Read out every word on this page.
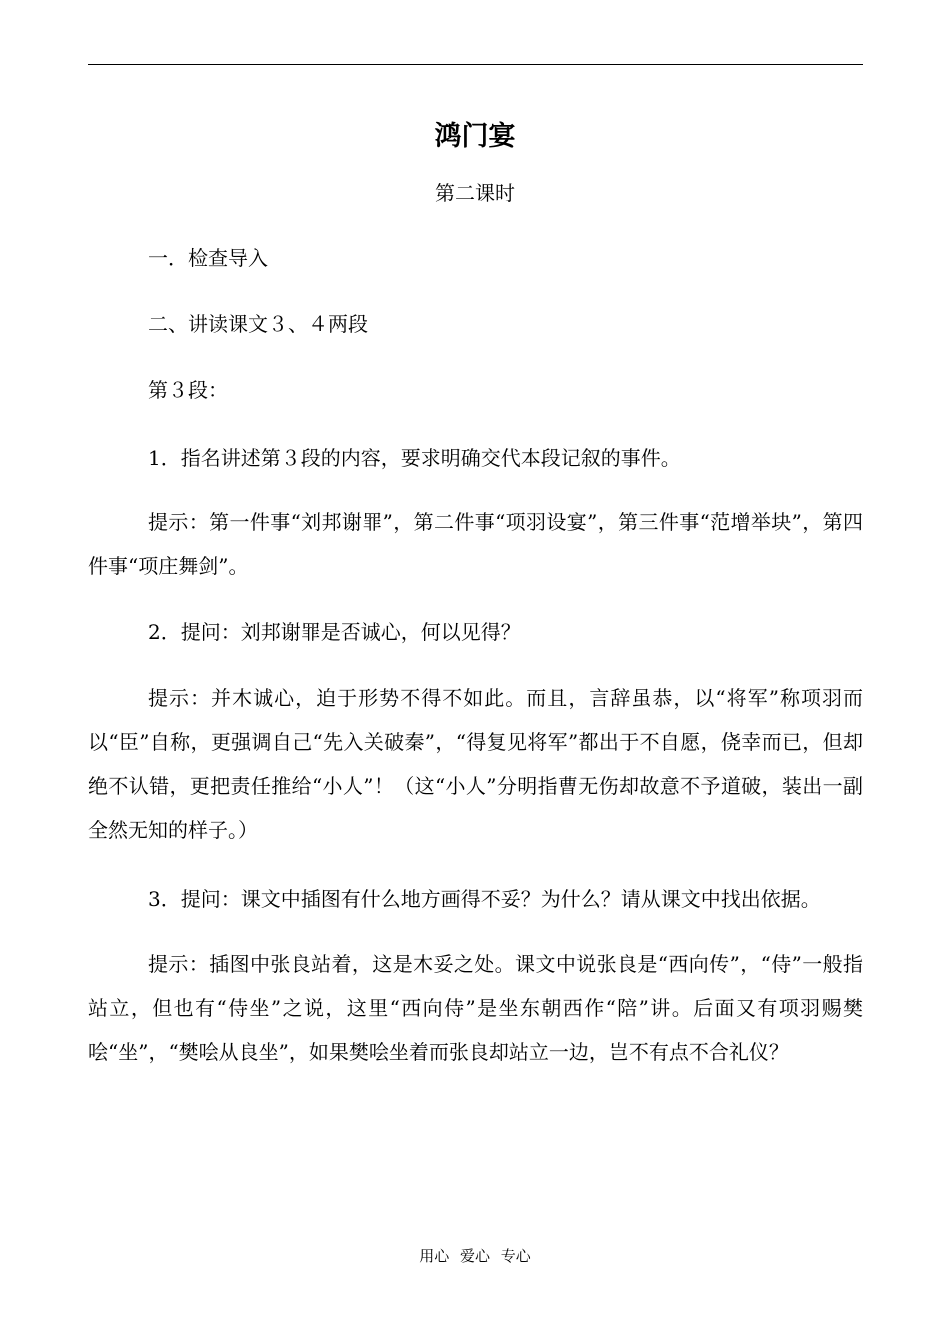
鸿门宴
第二课时

一．检查导入

二、讲读课文３、４两段

第３段：

1．指名讲述第３段的内容，要求明确交代本段记叙的事件。

提示：第一件事“刘邦谢罪”，第二件事“项羽设宴”，第三件事“范增举块”，第四件事“项庄舞剑”。

2．提问：刘邦谢罪是否诚心，何以见得？

提示：并木诚心，迫于形势不得不如此。而且，言辞虽恭，以“将军”称项羽而以“臣”自称，更强调自己“先入关破秦”，“得复见将军”都出于不自愿，侥幸而已，但却绝不认错，更把责任推给“小人”！（这“小人”分明指曹无伤却故意不予道破，装出一副全然无知的样子。）

3．提问：课文中插图有什么地方画得不妥？为什么？请从课文中找出依据。

提示：插图中张良站着，这是木妥之处。课文中说张良是“西向传”，“侍”一般指站立，但也有“侍坐”之说，这里“西向侍”是坐东朝西作“陪”讲。后面又有项羽赐樊哙“坐”，“樊哙从良坐”，如果樊哙坐着而张良却站立一边，岂不有点不合礼仪？

用心 爱心 专心
